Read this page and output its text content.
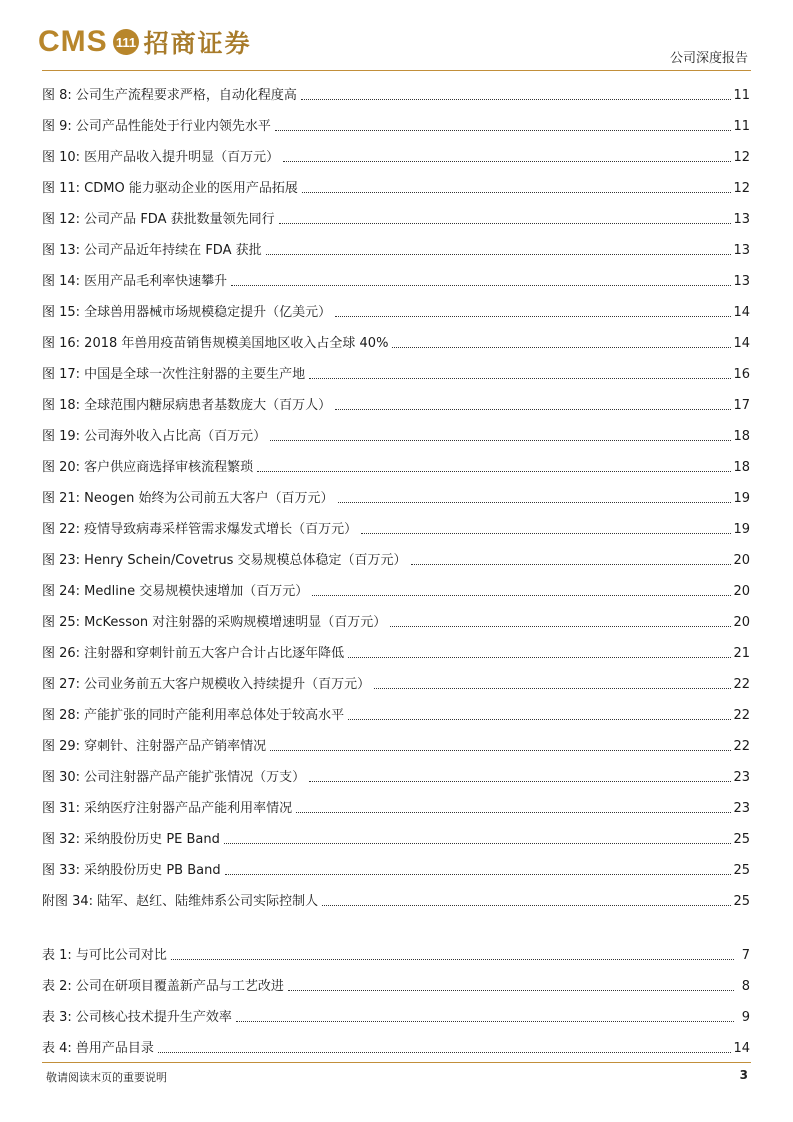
CMS 111 招商证券
公司深度报告
图 8: 公司生产流程要求严格，自动化程度高	11
图 9: 公司产品性能处于行业内领先水平	11
图 10: 医用产品收入提升明显（百万元）	12
图 11: CDMO 能力驱动企业的医用产品拓展	12
图 12: 公司产品 FDA 获批数量领先同行	13
图 13: 公司产品近年持续在 FDA 获批	13
图 14: 医用产品毛利率快速攀升	13
图 15: 全球兽用器械市场规模稳定提升（亿美元）	14
图 16: 2018 年兽用疫苗销售规模美国地区收入占全球 40%	14
图 17: 中国是全球一次性注射器的主要生产地	16
图 18: 全球范围内糖尿病患者基数庞大（百万人）	17
图 19: 公司海外收入占比高（百万元）	18
图 20: 客户供应商选择审核流程繁琐	18
图 21: Neogen 始终为公司前五大客户（百万元）	19
图 22: 疫情导致病毒采样管需求爆发式增长（百万元）	19
图 23: Henry Schein/Covetrus 交易规模总体稳定（百万元）	20
图 24: Medline 交易规模快速增加（百万元）	20
图 25: McKesson 对注射器的采购规模增速明显（百万元）	20
图 26: 注射器和穿刺针前五大客户合计占比逐年降低	21
图 27: 公司业务前五大客户规模收入持续提升（百万元）	22
图 28: 产能扩张的同时产能利用率总体处于较高水平	22
图 29: 穿刺针、注射器产品产销率情况	22
图 30: 公司注射器产品产能扩张情况（万支）	23
图 31: 采纳医疗注射器产品产能利用率情况	23
图 32: 采纳股份历史 PE Band	25
图 33: 采纳股份历史 PB Band	25
附图 34: 陆军、赵红、陆维炜系公司实际控制人	25
表 1: 与可比公司对比	7
表 2: 公司在研项目覆盖新产品与工艺改进	8
表 3: 公司核心技术提升生产效率	9
表 4: 兽用产品目录	14
敬请阅读末页的重要说明	3
